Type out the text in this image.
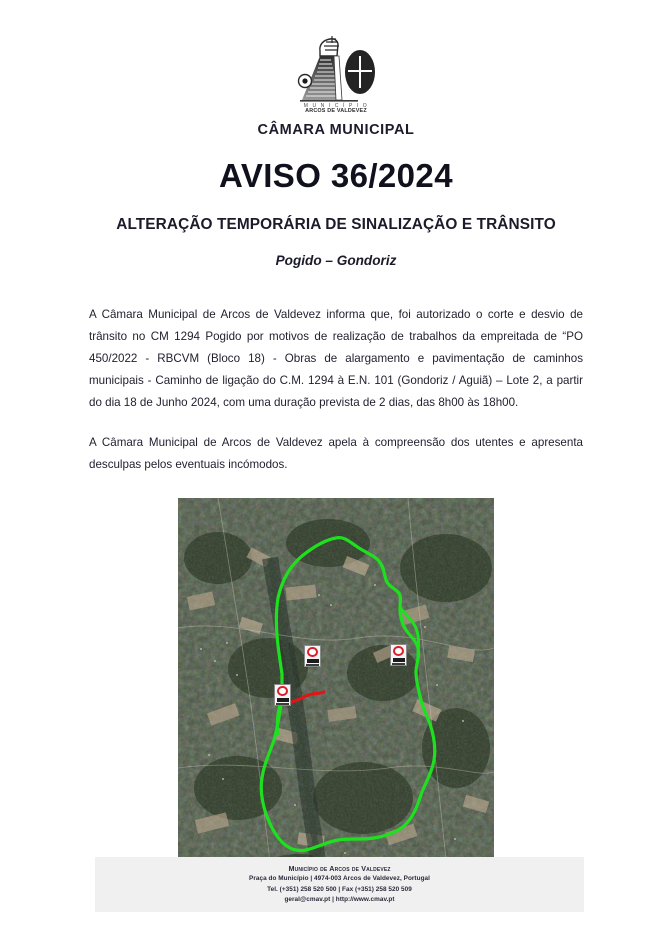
M U N I C Í P I O
ARCOS DE VALDEVEZ
CÂMARA MUNICIPAL
AVISO 36/2024
ALTERAÇÃO TEMPORÁRIA DE SINALIZAÇÃO E TRÂNSITO
Pogido – Gondoriz

A Câmara Municipal de Arcos de Valdevez informa que, foi autorizado o corte e desvio de trânsito no CM 1294 Pogido por motivos de realização de trabalhos da empreitada de “PO 450/2022 - RBCVM (Bloco 18) - Obras de alargamento e pavimentação de caminhos municipais - Caminho de ligação do C.M. 1294 à E.N. 101 (Gondoriz / Aguiã) – Lote 2, a partir do dia 18 de Junho 2024, com uma duração prevista de 2 dias, das 8h00 às 18h00.

A Câmara Municipal de Arcos de Valdevez apela à compreensão dos utentes e apresenta desculpas pelos eventuais incómodos.

Município de Arcos de Valdevez
Praça do Município | 4974-003 Arcos de Valdevez, Portugal
Tel. (+351) 258 520 500 | Fax (+351) 258 520 509
geral@cmav.pt | http://www.cmav.pt
